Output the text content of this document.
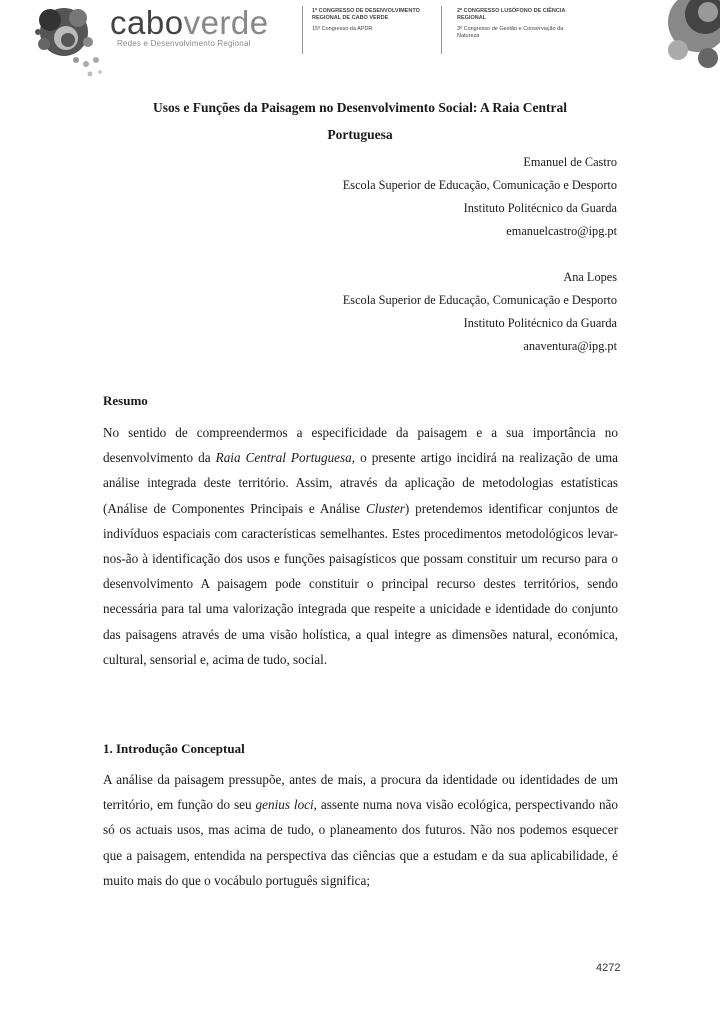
caboverde
Redes e Desenvolvimento Regional
1º CONGRESSO DE DESENVOLVIMENTO REGIONAL DE CABO VERDE
15º Congresso da APDR
2º CONGRESSO LUSÓFONO DE CIÊNCIA REGIONAL
3º Congresso de Gestão e Conservação da Natureza
Usos e Funções da Paisagem no Desenvolvimento Social: A Raia Central
Portuguesa
Emanuel de Castro
Escola Superior de Educação, Comunicação e Desporto
Instituto Politécnico da Guarda
emanuelcastro@ipg.pt
Ana Lopes
Escola Superior de Educação, Comunicação e Desporto
Instituto Politécnico da Guarda
anaventura@ipg.pt
Resumo
No sentido de compreendermos a especificidade da paisagem e a sua importância no desenvolvimento da Raia Central Portuguesa, o presente artigo incidirá na realização de uma análise integrada deste território. Assim, através da aplicação de metodologias estatísticas (Análise de Componentes Principais e Análise Cluster) pretendemos identificar conjuntos de indivíduos espaciais com características semelhantes. Estes procedimentos metodológicos levar-nos-ão à identificação dos usos e funções paisagísticos que possam constituir um recurso para o desenvolvimento A paisagem pode constituir o principal recurso destes territórios, sendo necessária para tal uma valorização integrada que respeite a unicidade e identidade do conjunto das paisagens através de uma visão holística, a qual integre as dimensões natural, económica, cultural, sensorial e, acima de tudo, social.
1. Introdução Conceptual
A análise da paisagem pressupõe, antes de mais, a procura da identidade ou identidades de um território, em função do seu genius loci, assente numa nova visão ecológica, perspectivando não só os actuais usos, mas acima de tudo, o planeamento dos futuros. Não nos podemos esquecer que a paisagem, entendida na perspectiva das ciências que a estudam e da sua aplicabilidade, é muito mais do que o vocábulo português significa;
4272
